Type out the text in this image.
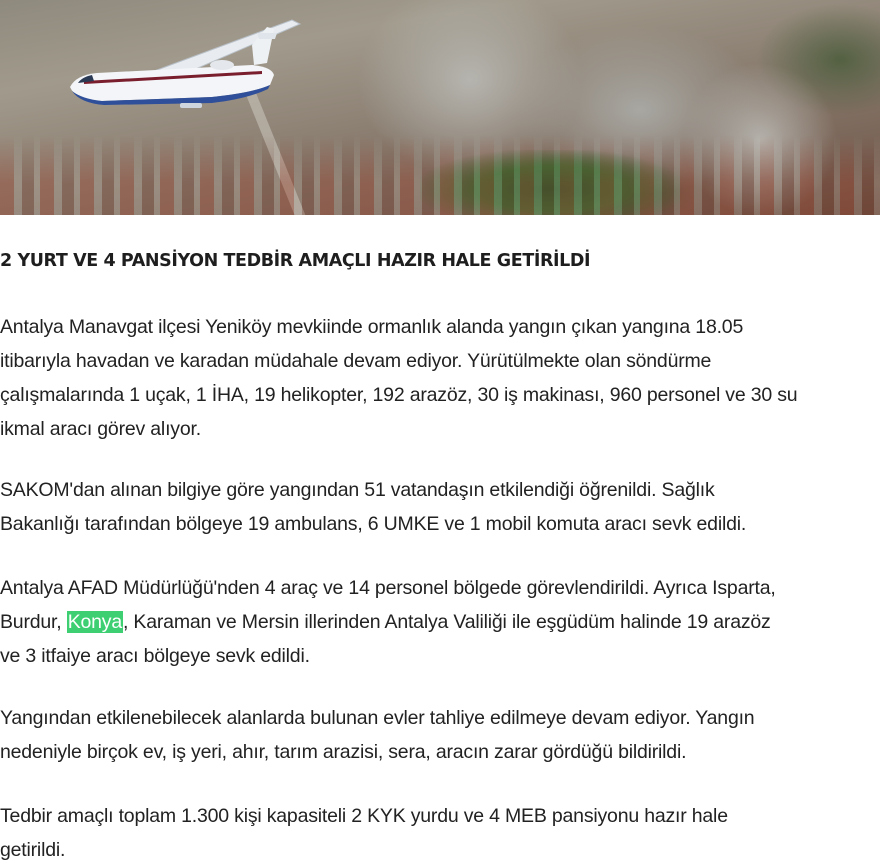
2 YURT VE 4 PANSİYON TEDBİR AMAÇLI HAZIR HALE GETİRİLDİ

Antalya Manavgat ilçesi Yeniköy mevkiinde ormanlık alanda yangın çıkan yangına 18.05
itibarıyla havadan ve karadan müdahale devam ediyor. Yürütülmekte olan söndürme
çalışmalarında 1 uçak, 1 İHA, 19 helikopter, 192 arazöz, 30 iş makinası, 960 personel ve 30 su
ikmal aracı görev alıyor.

SAKOM'dan alınan bilgiye göre yangından 51 vatandaşın etkilendiği öğrenildi. Sağlık
Bakanlığı tarafından bölgeye 19 ambulans, 6 UMKE ve 1 mobil komuta aracı sevk edildi.

Antalya AFAD Müdürlüğü'nden 4 araç ve 14 personel bölgede görevlendirildi. Ayrıca Isparta,
Burdur, Konya, Karaman ve Mersin illerinden Antalya Valiliği ile eşgüdüm halinde 19 arazöz
ve 3 itfaiye aracı bölgeye sevk edildi.

Yangından etkilenebilecek alanlarda bulunan evler tahliye edilmeye devam ediyor. Yangın
nedeniyle birçok ev, iş yeri, ahır, tarım arazisi, sera, aracın zarar gördüğü bildirildi.

Tedbir amaçlı toplam 1.300 kişi kapasiteli 2 KYK yurdu ve 4 MEB pansiyonu hazır hale
getirildi.
